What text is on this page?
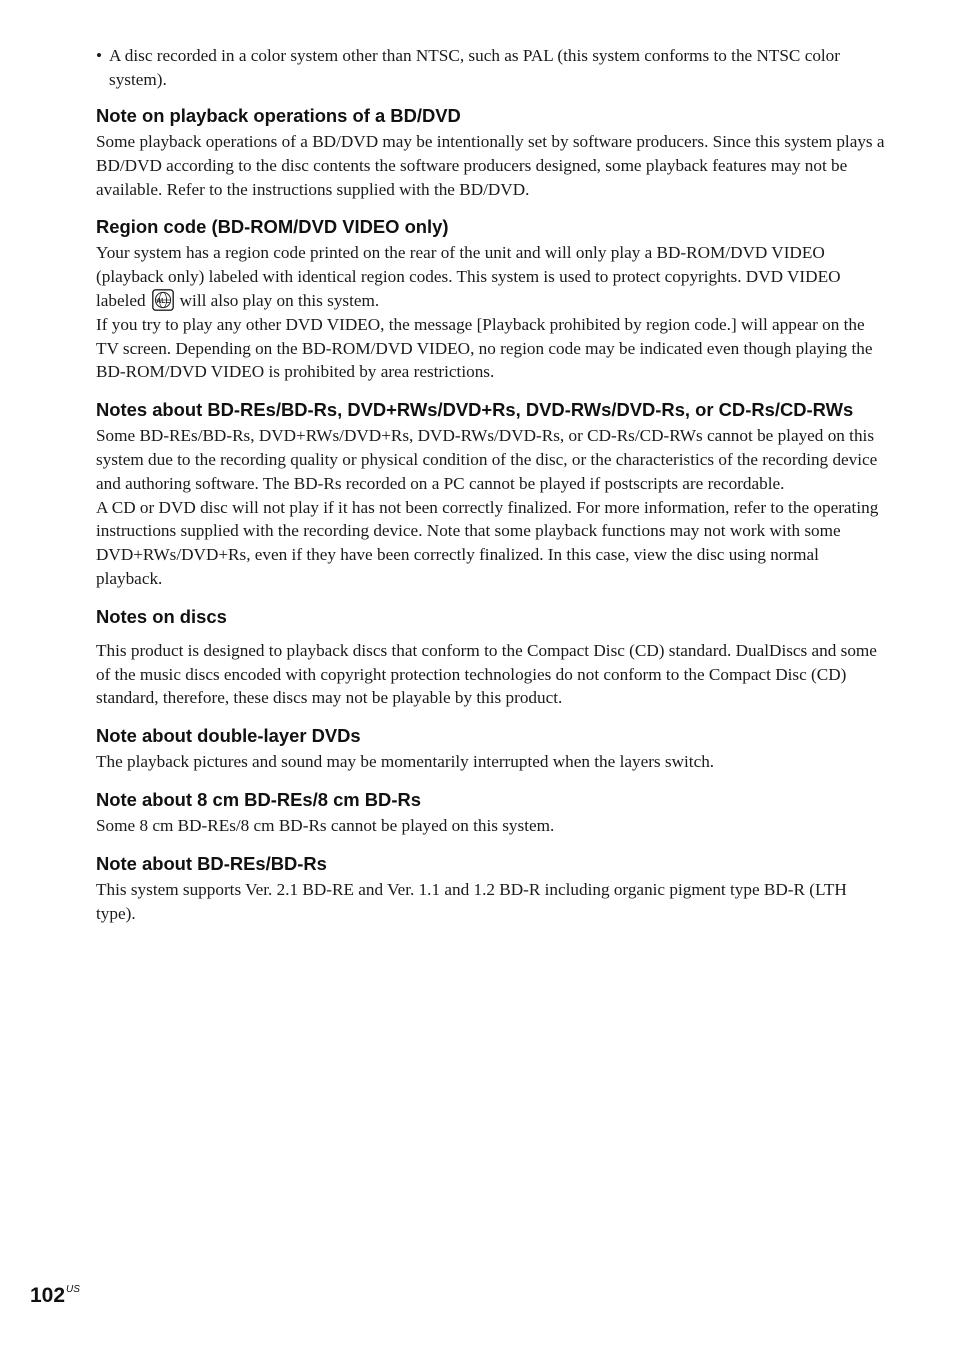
• A disc recorded in a color system other than NTSC, such as PAL (this system conforms to the NTSC color system).
Note on playback operations of a BD/DVD

Some playback operations of a BD/DVD may be intentionally set by software producers. Since this system plays a BD/DVD according to the disc contents the software producers designed, some playback features may not be available. Refer to the instructions supplied with the BD/DVD.

Region code (BD-ROM/DVD VIDEO only)

Your system has a region code printed on the rear of the unit and will only play a BD-ROM/DVD VIDEO (playback only) labeled with identical region codes. This system is used to protect copyrights. DVD VIDEO labeled ALL will also play on this system.

If you try to play any other DVD VIDEO, the message [Playback prohibited by region code.] will appear on the TV screen. Depending on the BD-ROM/DVD VIDEO, no region code may be indicated even though playing the BD-ROM/DVD VIDEO is prohibited by area restrictions.

Notes about BD-REs/BD-Rs, DVD+RWs/DVD+Rs, DVD-RWs/DVD-Rs, or CD-Rs/CD-RWs

Some BD-REs/BD-Rs, DVD+RWs/DVD+Rs, DVD-RWs/DVD-Rs, or CD-Rs/CD-RWs cannot be played on this system due to the recording quality or physical condition of the disc, or the characteristics of the recording device and authoring software. The BD-Rs recorded on a PC cannot be played if postscripts are recordable.

A CD or DVD disc will not play if it has not been correctly finalized. For more information, refer to the operating instructions supplied with the recording device. Note that some playback functions may not work with some DVD+RWs/DVD+Rs, even if they have been correctly finalized. In this case, view the disc using normal playback.

Notes on discs

This product is designed to playback discs that conform to the Compact Disc (CD) standard. DualDiscs and some of the music discs encoded with copyright protection technologies do not conform to the Compact Disc (CD) standard, therefore, these discs may not be playable by this product.

Note about double-layer DVDs

The playback pictures and sound may be momentarily interrupted when the layers switch.

Note about 8 cm BD-REs/8 cm BD-Rs

Some 8 cm BD-REs/8 cm BD-Rs cannot be played on this system.

Note about BD-REs/BD-Rs

This system supports Ver. 2.1 BD-RE and Ver. 1.1 and 1.2 BD-R including organic pigment type BD-R (LTH type).

$102^{US}$
